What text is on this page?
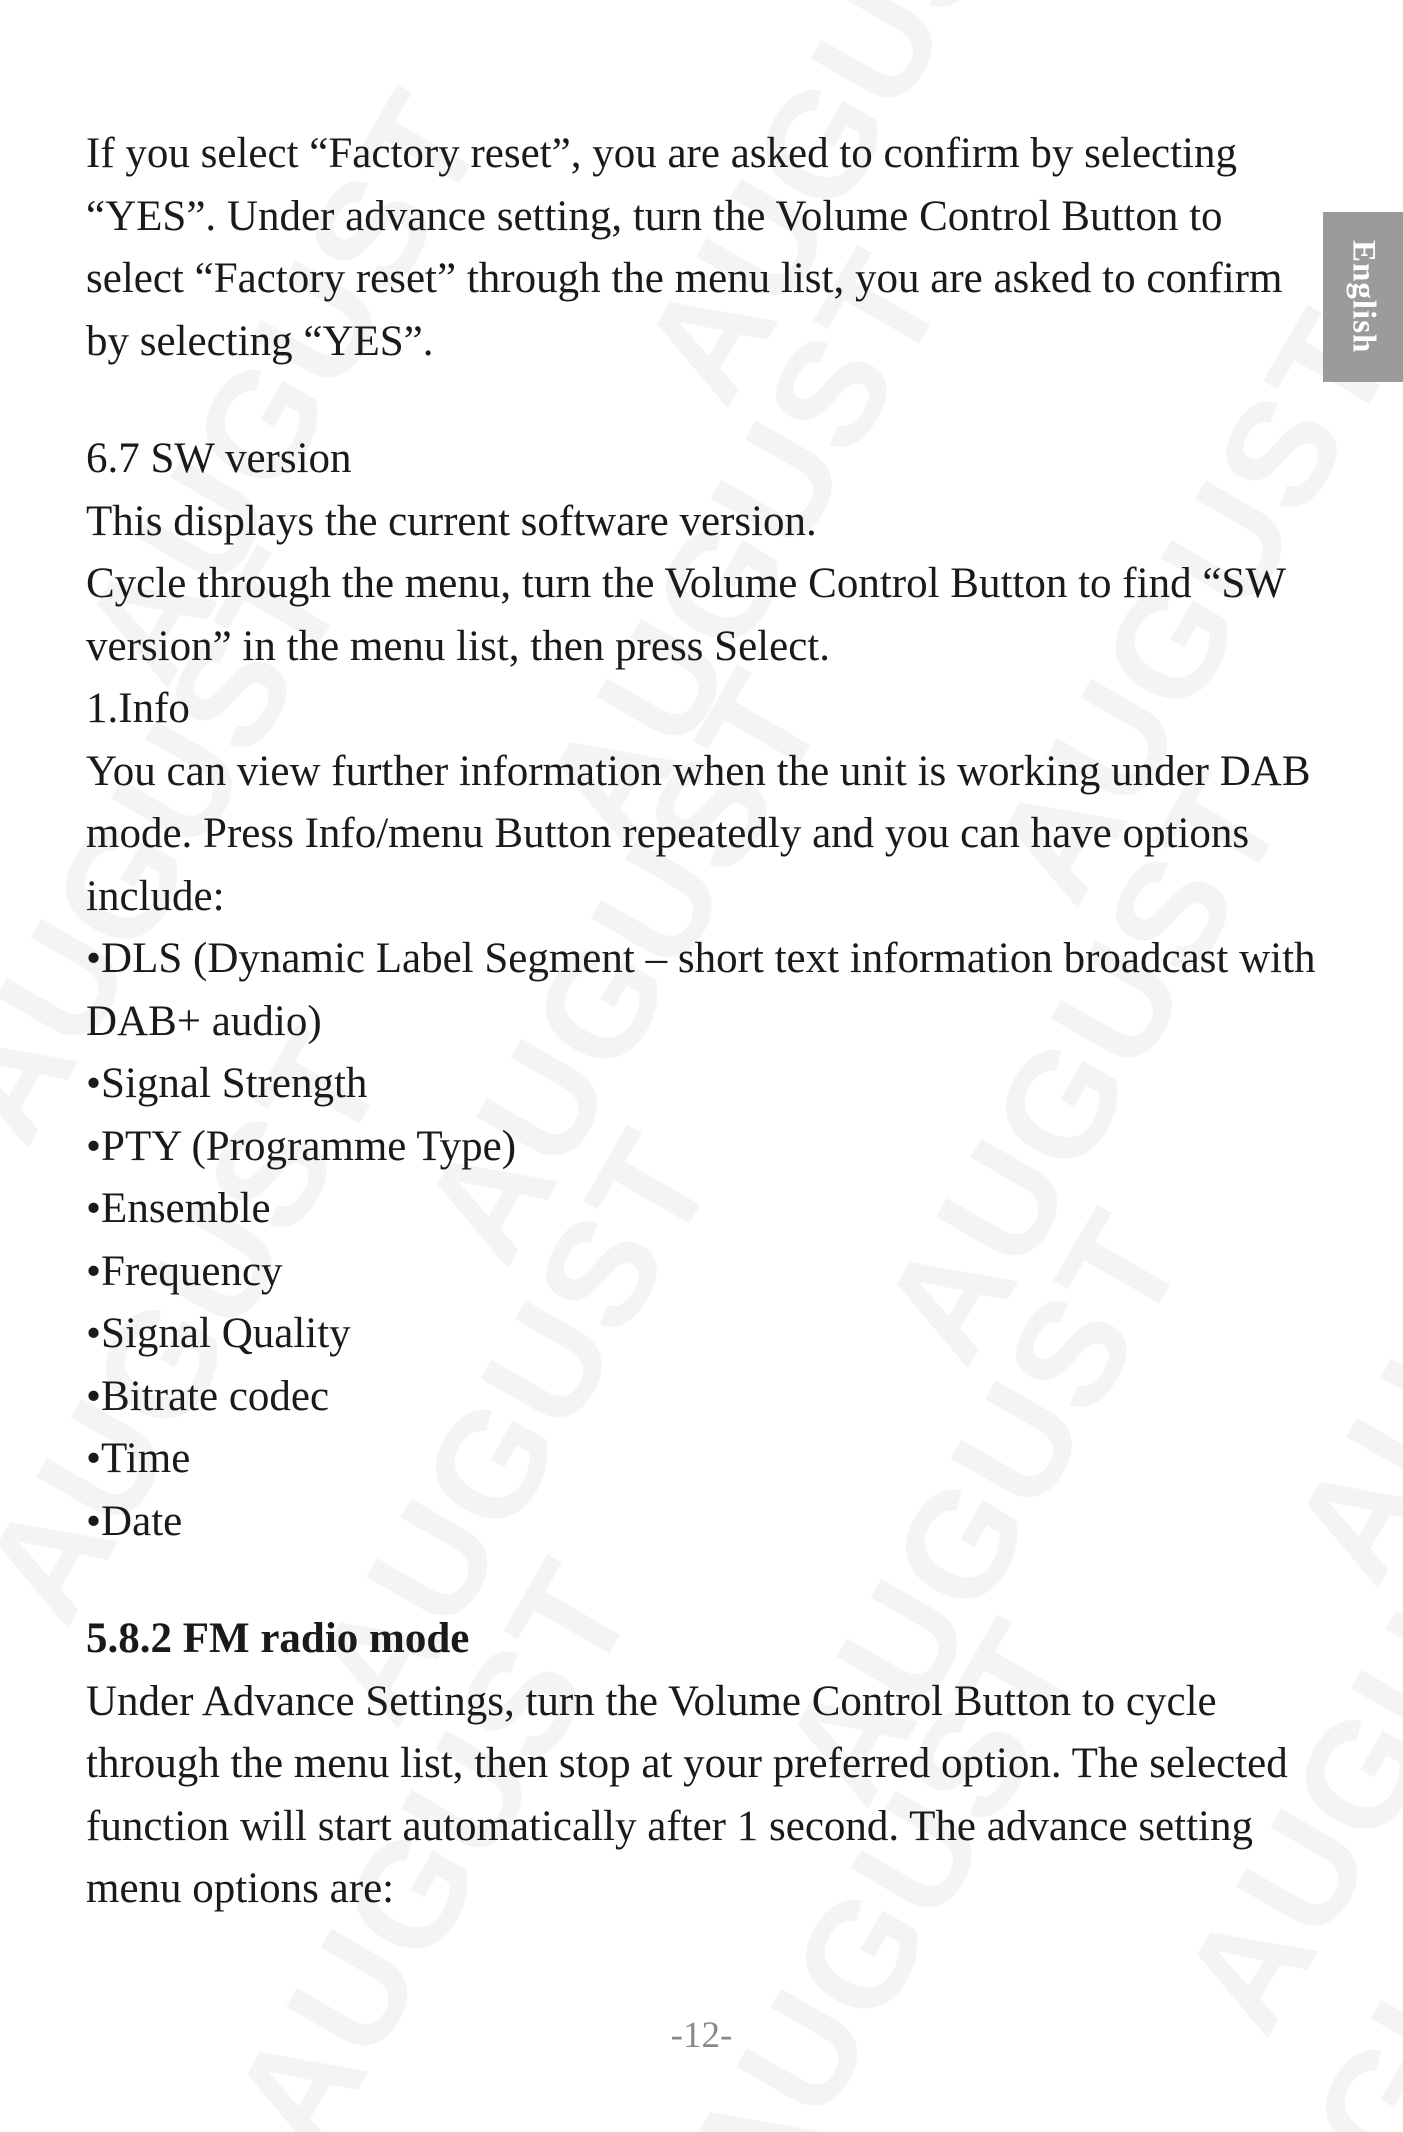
English

If you select “Factory reset”, you are asked to confirm by selecting

“YES”. Under advance setting, turn the Volume Control Button to

select “Factory reset” through the menu list, you are asked to confirm

by selecting “YES”.

6.7 SW version

This displays the current software version.

Cycle through the menu, turn the Volume Control Button to find “SW

version” in the menu list, then press Select.

1.Info

You can view further information when the unit is working under DAB

mode. Press Info/menu Button repeatedly and you can have options

include:

•DLS (Dynamic Label Segment – short text information broadcast with

DAB+ audio)

•Signal Strength

•PTY (Programme Type)

•Ensemble

•Frequency

•Signal Quality

•Bitrate codec

•Time

•Date

5.8.2 FM radio mode

Under Advance Settings, turn the Volume Control Button to cycle

through the menu list, then stop at your preferred option. The selected

function will start automatically after 1 second. The advance setting

menu options are:

-12-
